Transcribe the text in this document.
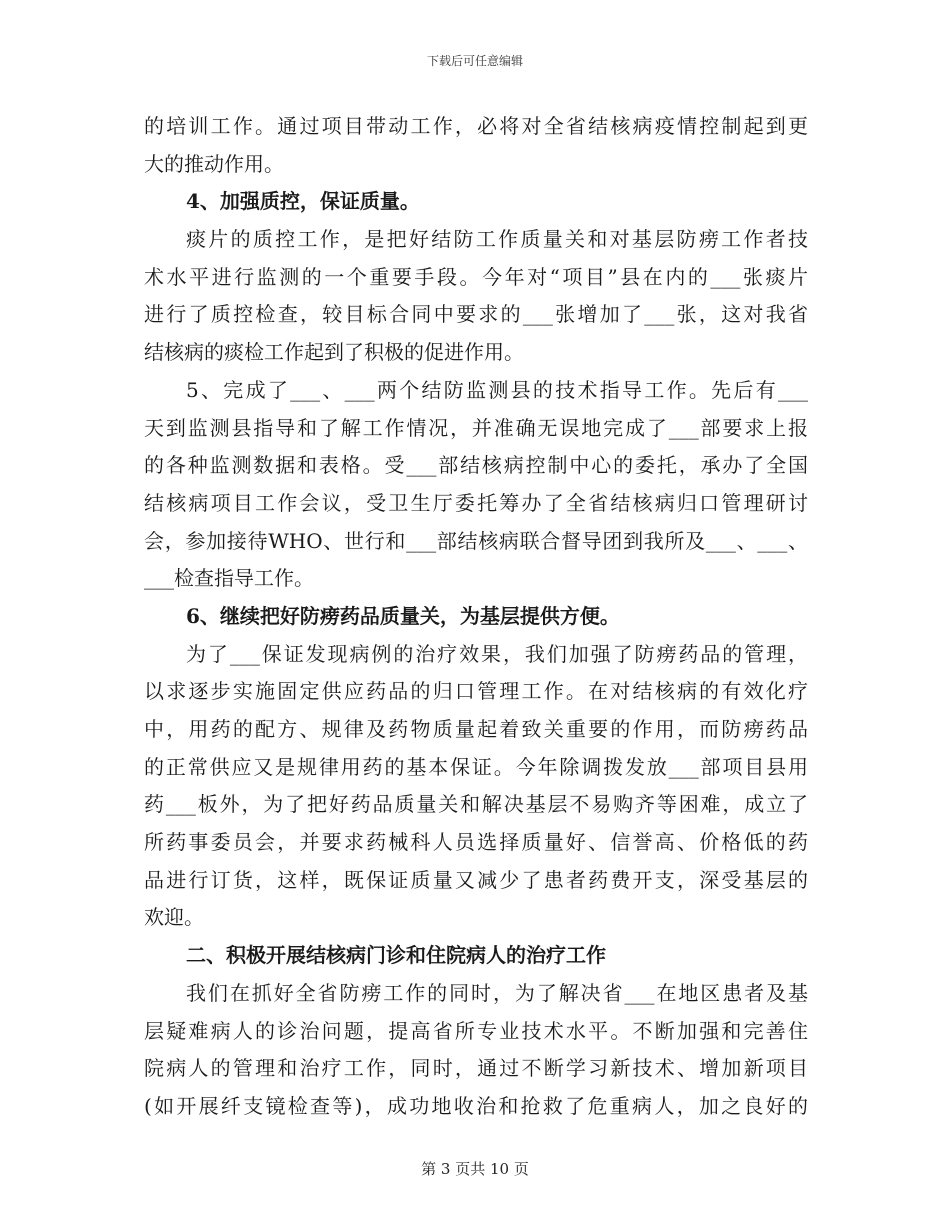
下载后可任意编辑
的培训工作。通过项目带动工作，必将对全省结核病疫情控制起到更
大的推动作用。
4、加强质控，保证质量。
痰片的质控工作，是把好结防工作质量关和对基层防痨工作者技
术水平进行监测的一个重要手段。今年对“项目”县在内的___张痰片
进行了质控检查，较目标合同中要求的___张增加了___张，这对我省
结核病的痰检工作起到了积极的促进作用。
5、完成了___、___两个结防监测县的技术指导工作。先后有___
天到监测县指导和了解工作情况，并准确无误地完成了___部要求上报
的各种监测数据和表格。受___部结核病控制中心的委托，承办了全国
结核病项目工作会议，受卫生厅委托筹办了全省结核病归口管理研讨
会，参加接待WHO、世行和___部结核病联合督导团到我所及___、___、
___检查指导工作。
6、继续把好防痨药品质量关，为基层提供方便。
为了___保证发现病例的治疗效果，我们加强了防痨药品的管理，
以求逐步实施固定供应药品的归口管理工作。在对结核病的有效化疗
中，用药的配方、规律及药物质量起着致关重要的作用，而防痨药品
的正常供应又是规律用药的基本保证。今年除调拨发放___部项目县用
药___板外，为了把好药品质量关和解决基层不易购齐等困难，成立了
所药事委员会，并要求药械科人员选择质量好、信誉高、价格低的药
品进行订货，这样，既保证质量又减少了患者药费开支，深受基层的
欢迎。
二、积极开展结核病门诊和住院病人的治疗工作
我们在抓好全省防痨工作的同时，为了解决省___在地区患者及基
层疑难病人的诊治问题，提高省所专业技术水平。不断加强和完善住
院病人的管理和治疗工作，同时，通过不断学习新技术、增加新项目
(如开展纤支镜检查等)，成功地收治和抢救了危重病人，加之良好的
第 3 页共 10 页
